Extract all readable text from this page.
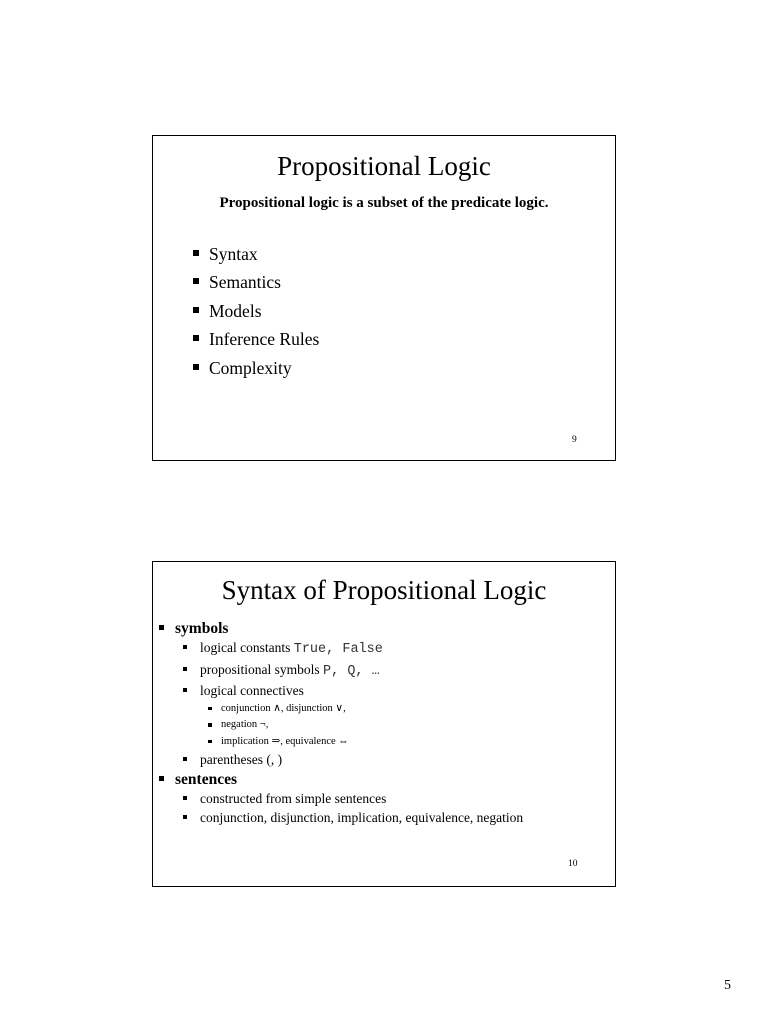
Propositional Logic
Propositional logic is a subset of the predicate logic.
Syntax
Semantics
Models
Inference Rules
Complexity
9
Syntax of Propositional Logic
symbols
logical constants True, False
propositional symbols P, Q, …
logical connectives
conjunction ∧, disjunction ∨,
negation ¬,
implication ⇒, equivalence ⇔
parentheses (, )
sentences
constructed from simple sentences
conjunction, disjunction, implication, equivalence, negation
10
5
